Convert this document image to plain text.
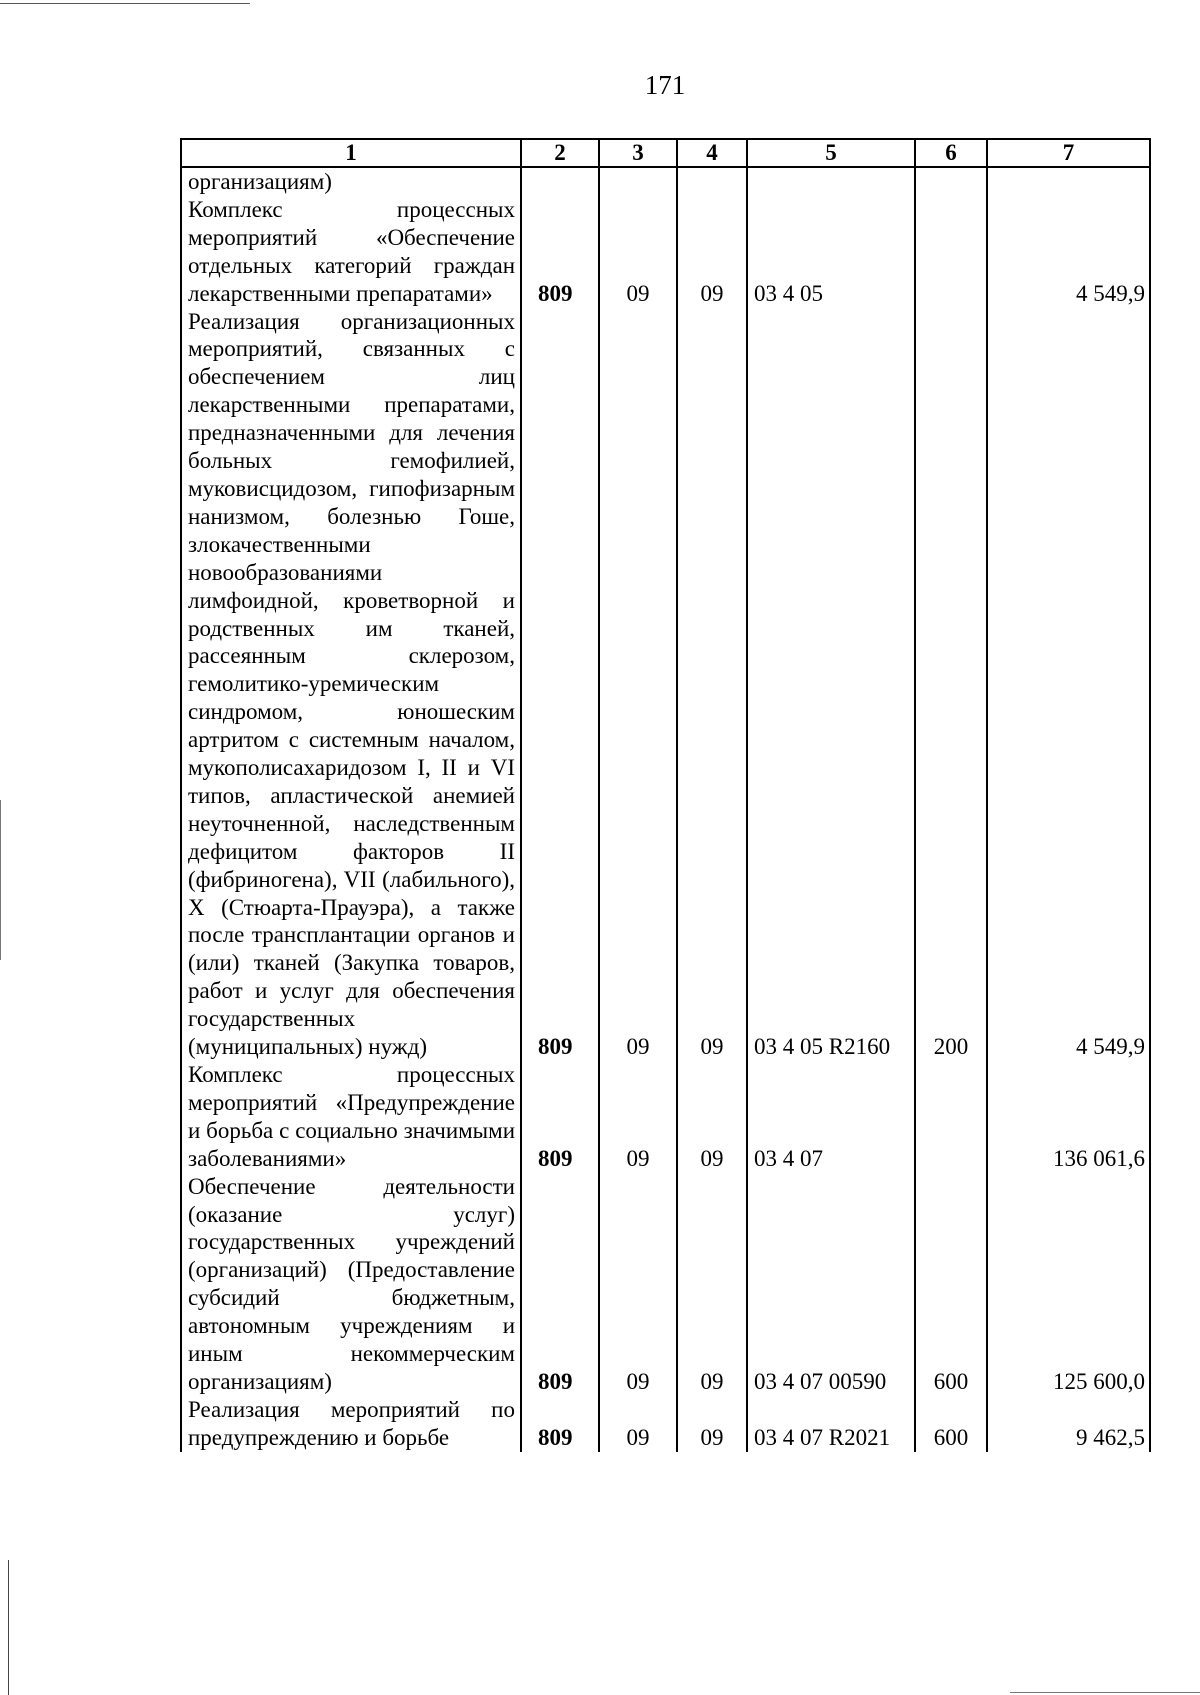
171
1	2	3	4	5	6	7
организациям)						
Комплекс процессных мероприятий «Обеспечение отдельных категорий граждан лекарственными препаратами»	809	09	09	03 4 05		4 549,9
Реализация организационных мероприятий, связанных с обеспечением лиц лекарственными препаратами, предназначенными для лечения больных гемофилией, муковисцидозом, гипофизарным нанизмом, болезнью Гоше, злокачественными новообразованиями лимфоидной, кроветворной и родственных им тканей, рассеянным склерозом, гемолитико-уремическим синдромом, юношеским артритом с системным началом, мукополисахаридозом I, II и VI типов, апластической анемией неуточненной, наследственным дефицитом факторов II (фибриногена), VII (лабильного), X (Стюарта-Прауэра), а также после трансплантации органов и (или) тканей (Закупка товаров, работ и услуг для обеспечения государственных (муниципальных) нужд)	809	09	09	03 4 05 R2160	200	4 549,9
Комплекс процессных мероприятий «Предупреждение и борьба с социально значимыми заболеваниями»	809	09	09	03 4 07		136 061,6
Обеспечение деятельности (оказание услуг) государственных учреждений (организаций) (Предоставление субсидий бюджетным, автономным учреждениям и иным некоммерческим организациям)	809	09	09	03 4 07 00590	600	125 600,0
Реализация мероприятий по предупреждению и борьбе	809	09	09	03 4 07 R2021	600	9 462,5
